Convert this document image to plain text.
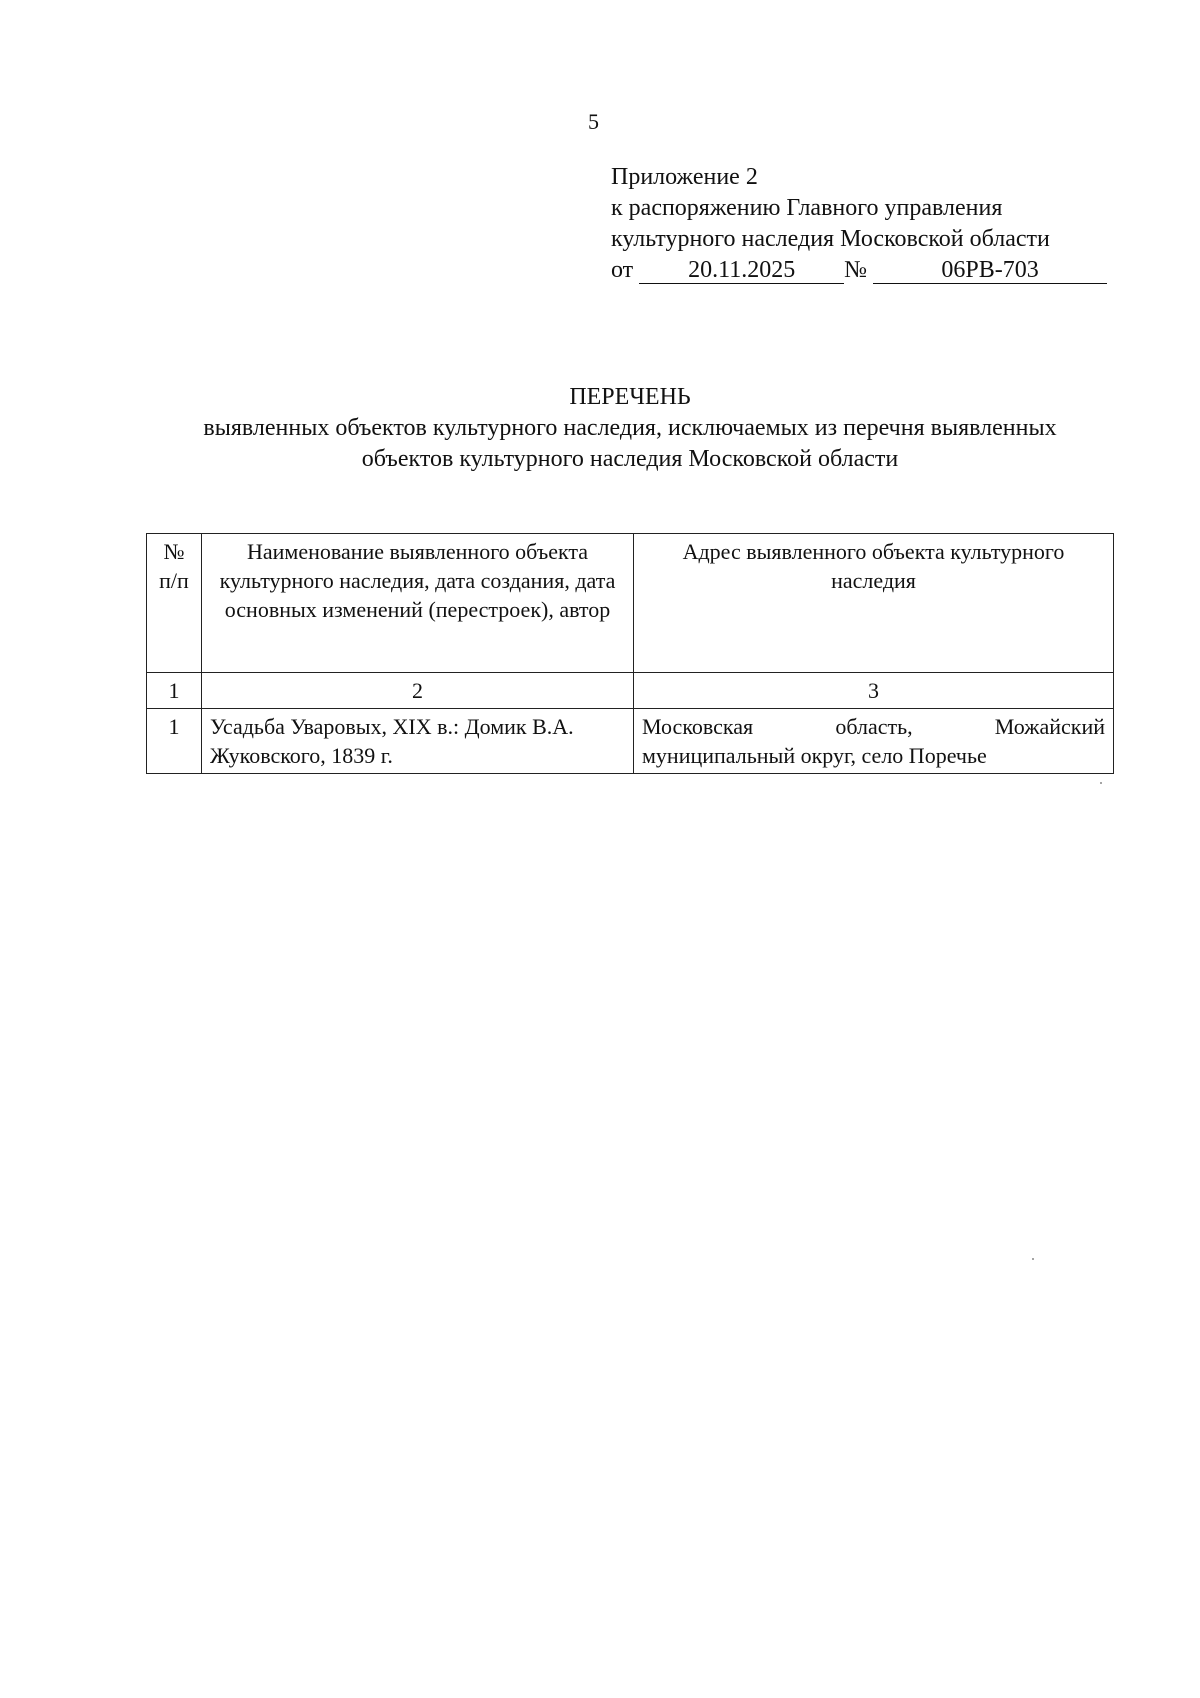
5
Приложение 2
к распоряжению Главного управления
культурного наследия Московской области
от 20.11.2025 №	06РВ-703
ПЕРЕЧЕНЬ
выявленных объектов культурного наследия, исключаемых из перечня выявленных
объектов культурного наследия Московской области
№ п/п	Наименование выявленного объекта культурного наследия, дата создания, дата основных изменений (перестроек), автор	Адрес выявленного объекта культурного наследия
1	2	3
1	Усадьба Уваровых, XIX в.: Домик В.А. Жуковского, 1839 г.	Московская область, Можайский муниципальный округ, село Поречье
